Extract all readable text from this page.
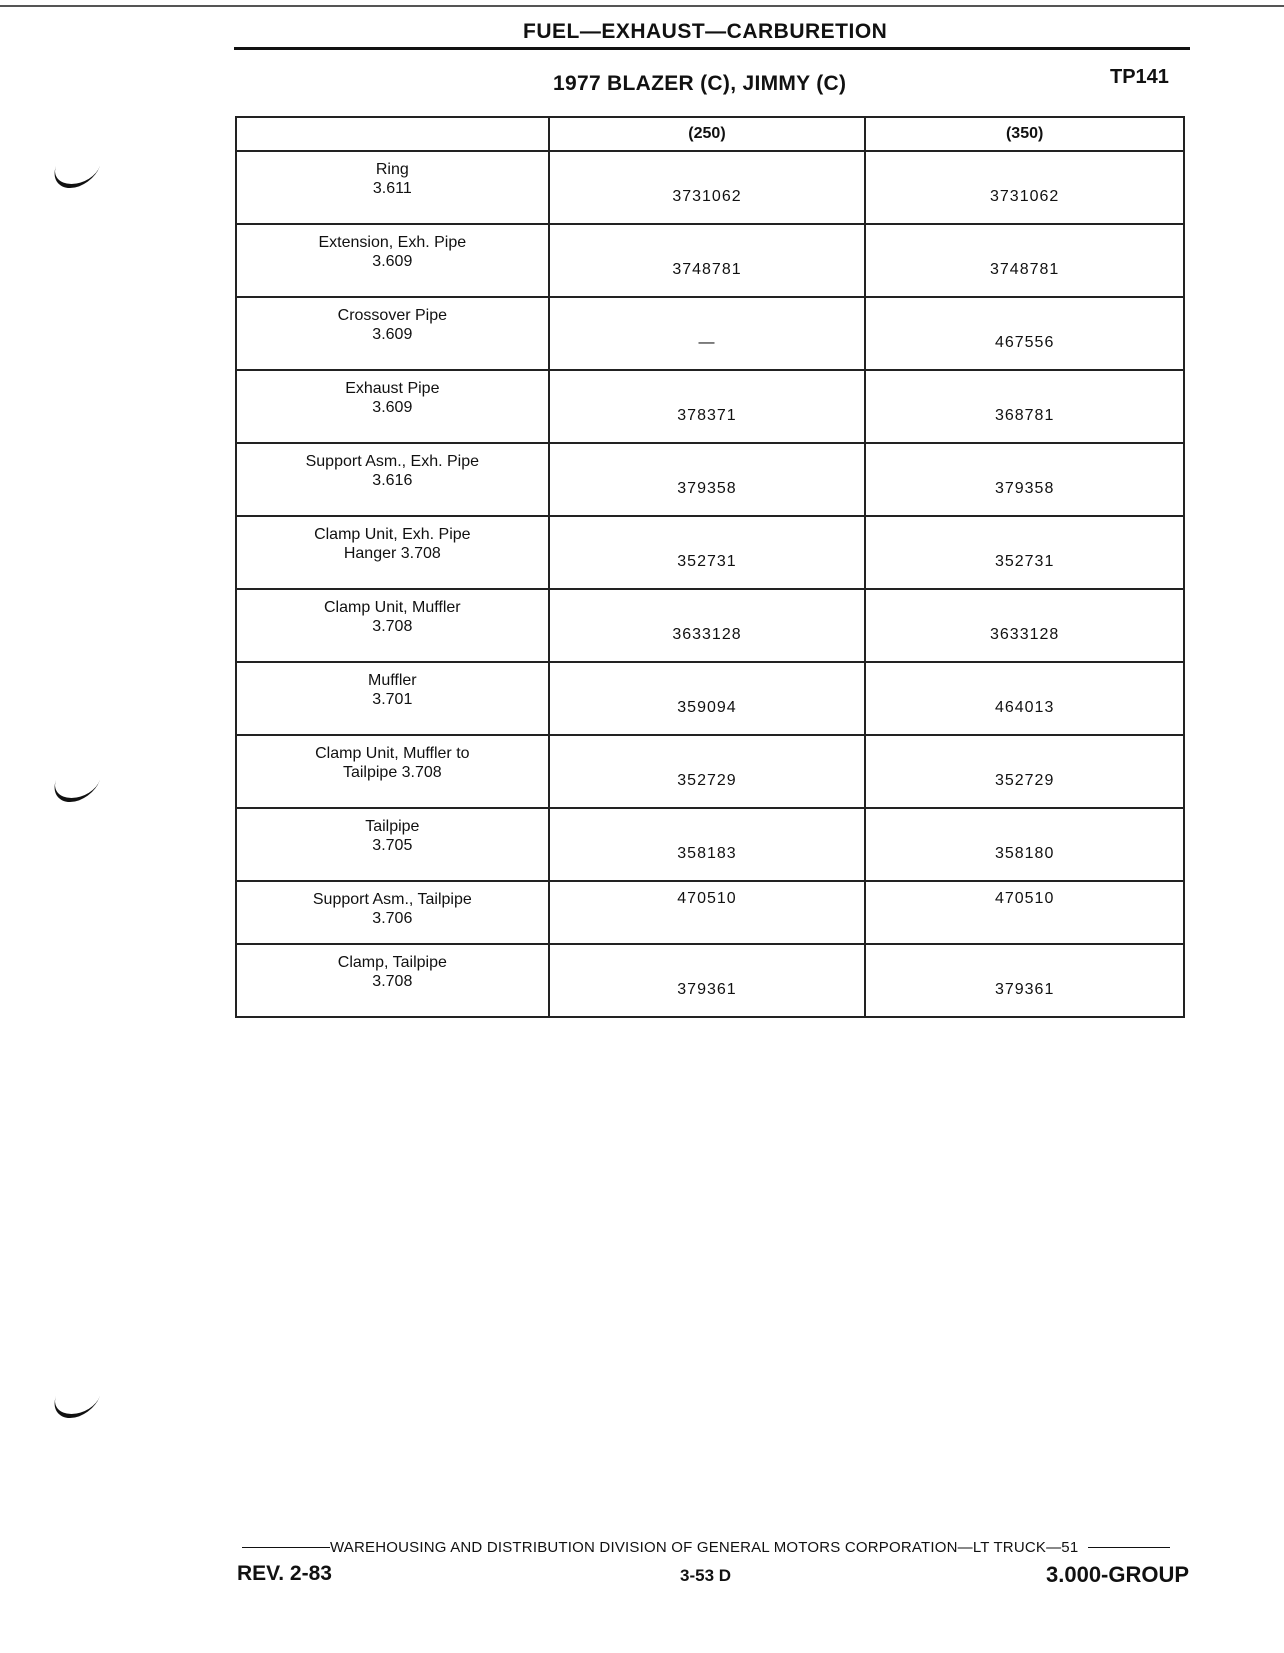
FUEL—EXHAUST—CARBURETION
1977 BLAZER (C), JIMMY (C)	TP141
	(250)	(350)

Ring
3.611	3731062	3731062

Extension, Exh. Pipe
3.609	3748781	3748781

Crossover Pipe
3.609	—	467556

Exhaust Pipe
3.609	378371	368781

Support Asm., Exh. Pipe
3.616	379358	379358

Clamp Unit, Exh. Pipe
Hanger 3.708	352731	352731

Clamp Unit, Muffler
3.708	3633128	3633128

Muffler
3.701	359094	464013

Clamp Unit, Muffler to
Tailpipe 3.708	352729	352729

Tailpipe
3.705	358183	358180

Support Asm., Tailpipe
3.706	470510	470510

Clamp, Tailpipe
3.708	379361	379361
WAREHOUSING AND DISTRIBUTION DIVISION OF GENERAL MOTORS CORPORATION—LT TRUCK—51
REV. 2-83	3-53 D	3.000-GROUP
